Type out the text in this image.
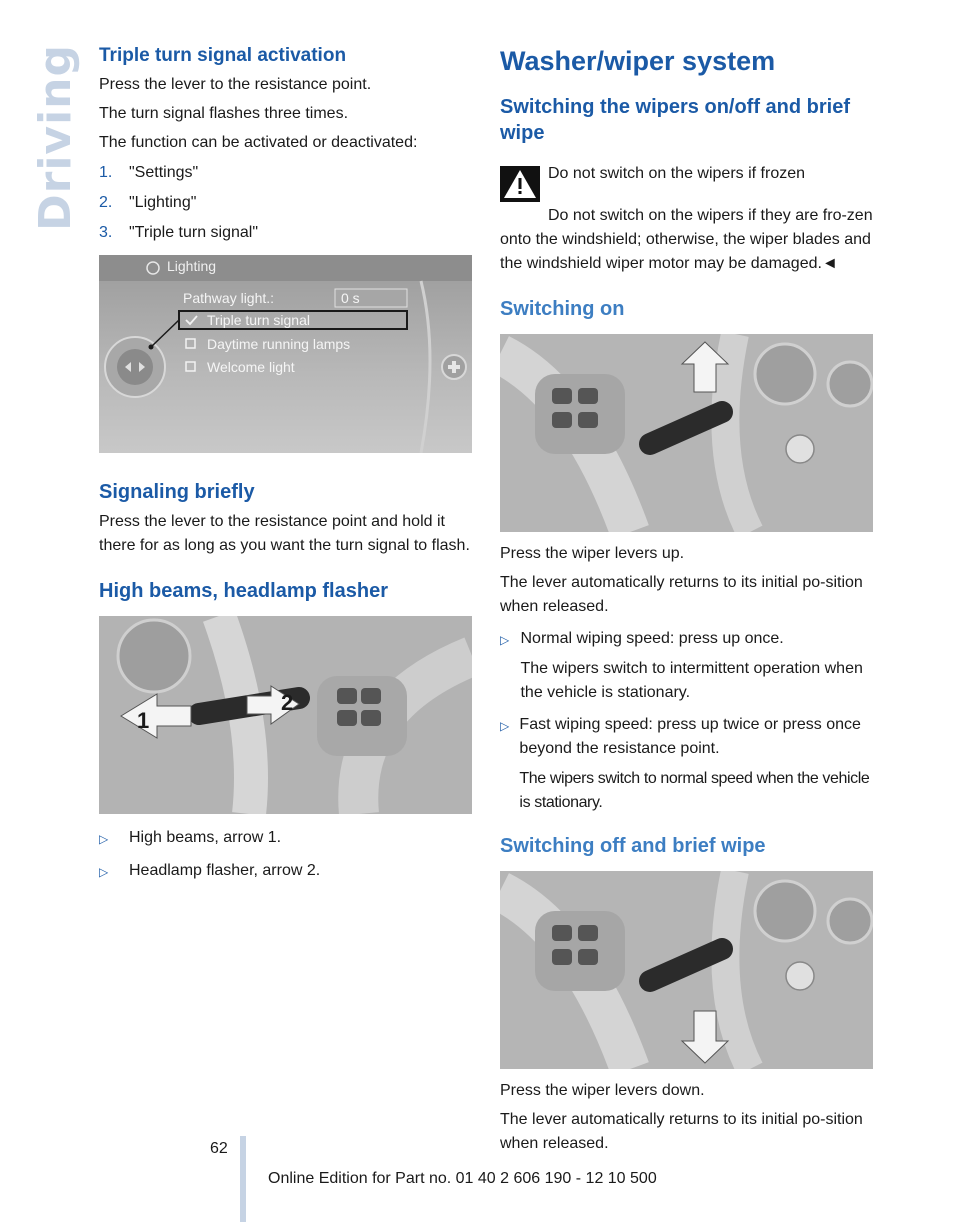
Driving Triple turn signal activation

Press the lever to the resistance point.

The turn signal flashes three times.

The function can be activated or deactivated:

1.	"Settings"
2.	"Lighting"
3.	"Triple turn signal"
Lighting
Pathway light.:	0 s
Triple turn signal
Daytime running lamps
Welcome light
Signaling briefly

Press the lever to the resistance point and hold it there for as long as you want the turn signal to flash.

High beams, headlamp flasher
1
2
▷	High beams, arrow 1.
▷	Headlamp flasher, arrow 2.
Washer/wiper system
Switching the wipers on/off and brief wipe
Do not switch on the wipers if frozen

Do not switch on the wipers if they are fro-zen onto the windshield; otherwise, the wiper blades and the windshield wiper motor may be damaged.◄

Switching on

Press the wiper levers up.

The lever automatically returns to its initial po-sition when released.

▷ Normal wiping speed: press up once.

The wipers switch to intermittent operation when the vehicle is stationary.

▷ Fast wiping speed: press up twice or press once beyond the resistance point.

The wipers switch to normal speed when the vehicle is stationary.

Switching off and brief wipe

Press the wiper levers down.

The lever automatically returns to its initial po-sition when released.

62
Online Edition for Part no. 01 40 2 606 190 - 12 10 500
